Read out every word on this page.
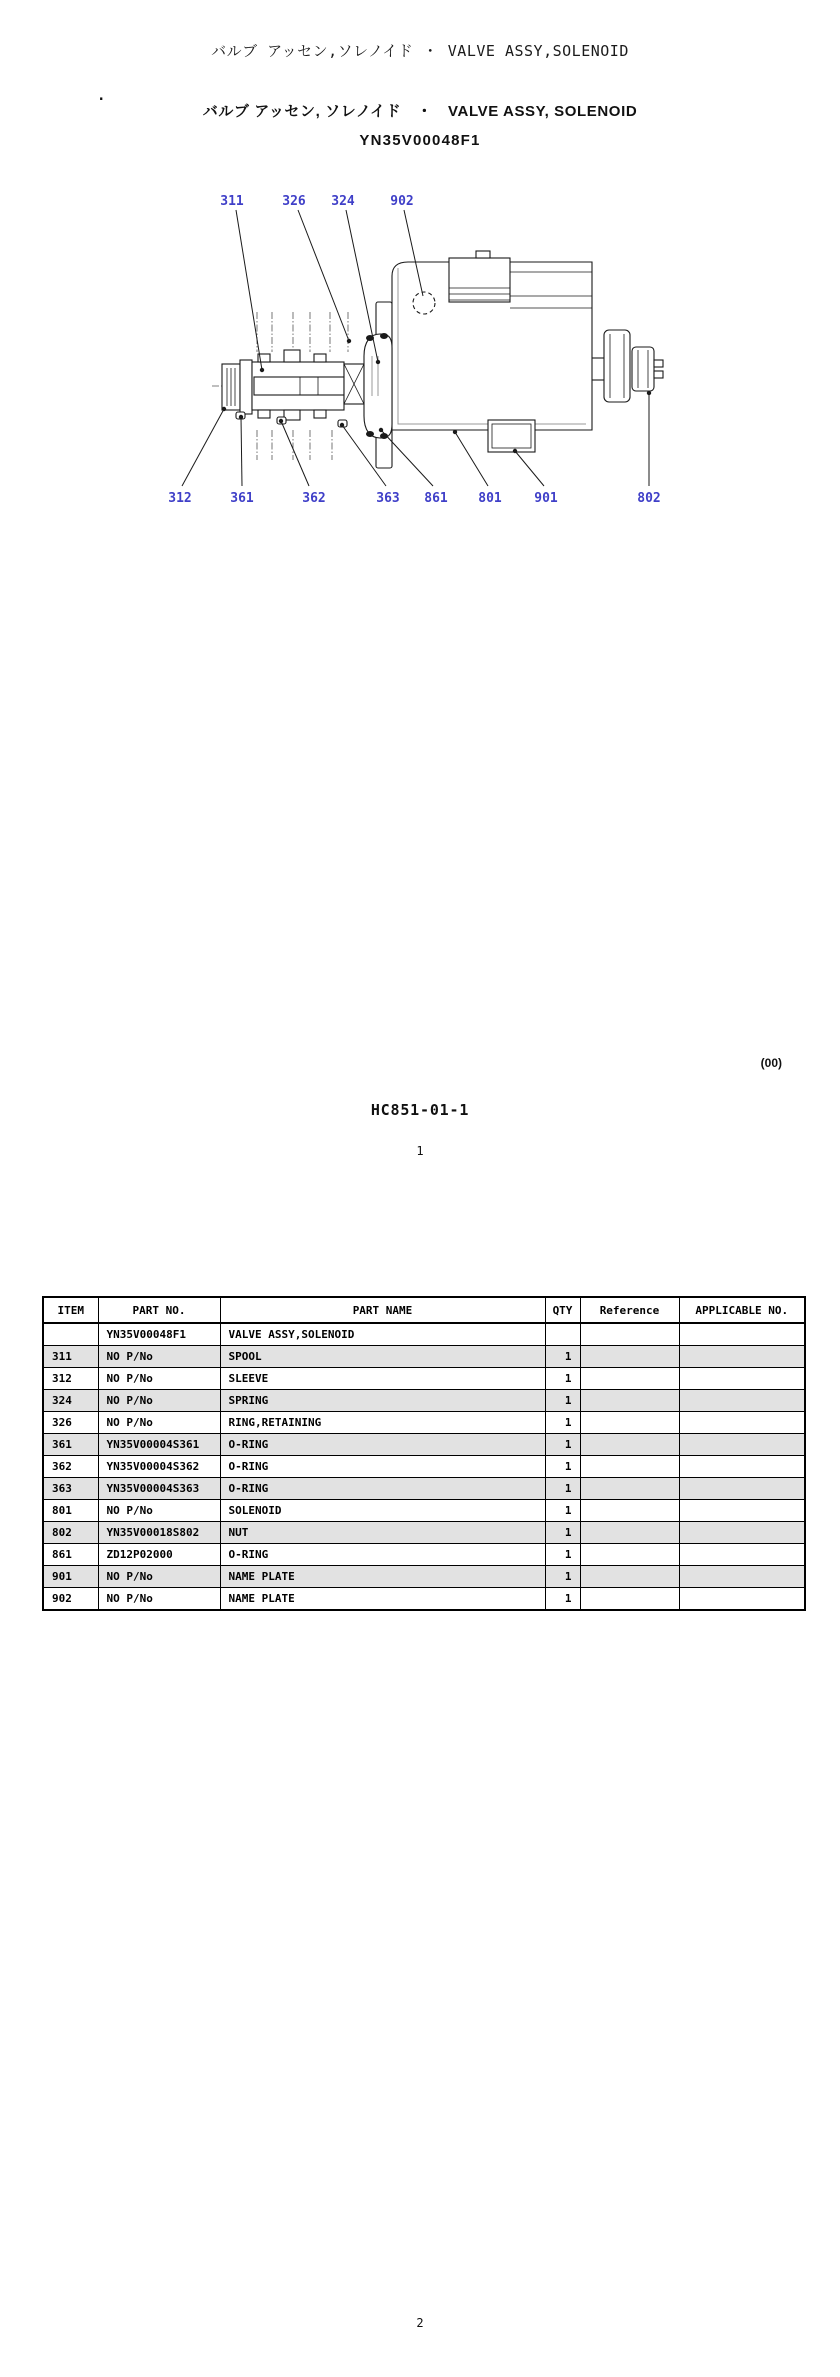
バルブ アッセン,ソレノイド ・ VALVE ASSY,SOLENOID
.
バルブ アッセン, ソレノイド　・　VALVE ASSY, SOLENOID
YN35V00048F1
311	326 324	902
312	361	362	363 861 801	901	802
(00)
HC851-01-1
1
ITEM	PART NO.	PART NAME	QTY	Reference	APPLICABLE NO.
	YN35V00048F1	VALVE ASSY,SOLENOID			
311	NO P/No	SPOOL	1		
312	NO P/No	SLEEVE	1		
324	NO P/No	SPRING	1		
326	NO P/No	RING,RETAINING	1		
361	YN35V00004S361	O-RING	1		
362	YN35V00004S362	O-RING	1		
363	YN35V00004S363	O-RING	1		
801	NO P/No	SOLENOID	1		
802	YN35V00018S802	NUT	1		
861	ZD12P02000	O-RING	1		
901	NO P/No	NAME PLATE	1		
902	NO P/No	NAME PLATE	1		
2
